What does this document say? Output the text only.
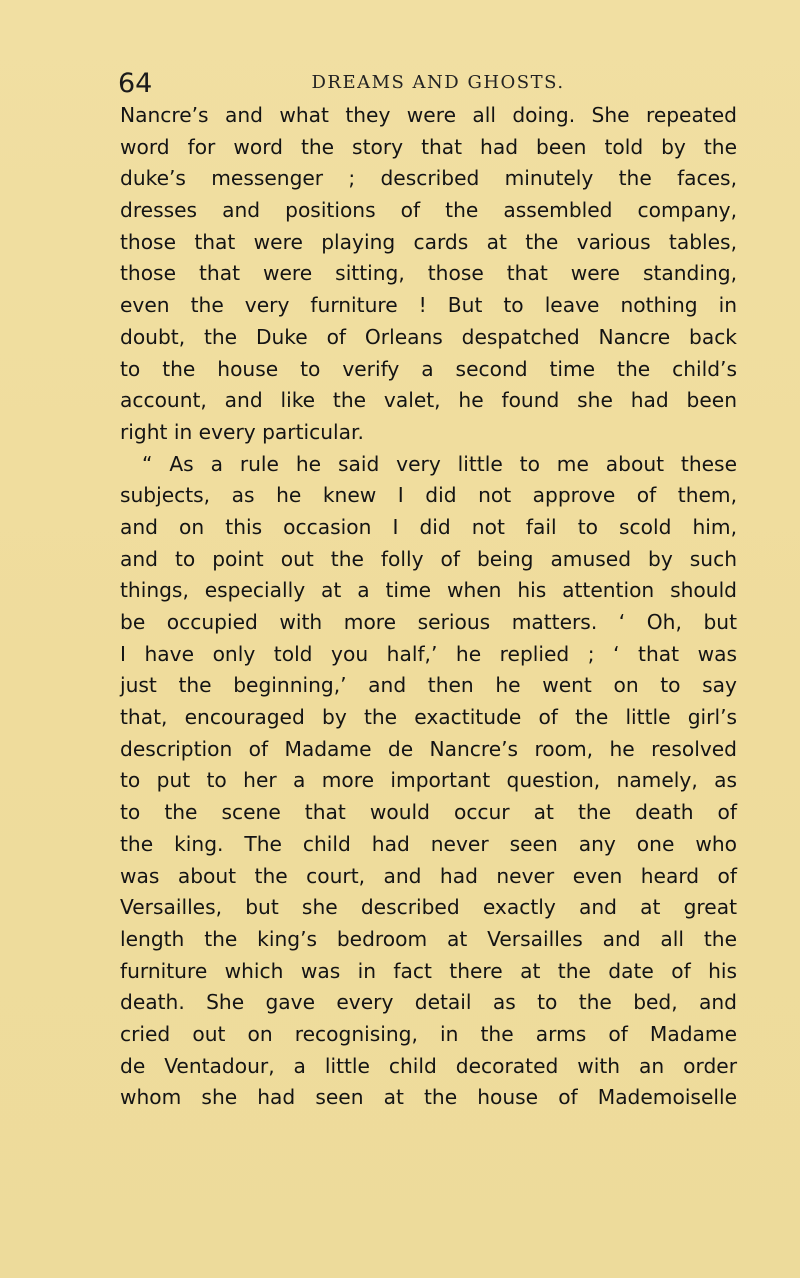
64	DREAMS AND GHOSTS.
Nancre’s and what they were all doing. She repeated
word for word the story that had been told by the
duke’s messenger ; described minutely the faces,
dresses and positions of the assembled company,
those that were playing cards at the various tables,
those that were sitting, those that were standing,
even the very furniture ! But to leave nothing in
doubt, the Duke of Orleans despatched Nancre back
to the house to verify a second time the child’s
account, and like the valet, he found she had been
right in every particular.
“ As a rule he said very little to me about these
subjects, as he knew I did not approve of them,
and on this occasion I did not fail to scold him,
and to point out the folly of being amused by such
things, especially at a time when his attention should
be occupied with more serious matters. ‘ Oh, but
I have only told you half,’ he replied ; ‘ that was
just the beginning,’ and then he went on to say
that, encouraged by the exactitude of the little girl’s
description of Madame de Nancre’s room, he resolved
to put to her a more important question, namely, as
to the scene that would occur at the death of
the king. The child had never seen any one who
was about the court, and had never even heard of
Versailles, but she described exactly and at great
length the king’s bedroom at Versailles and all the
furniture which was in fact there at the date of his
death. She gave every detail as to the bed, and
cried out on recognising, in the arms of Madame
de Ventadour, a little child decorated with an order
whom she had seen at the house of Mademoiselle
